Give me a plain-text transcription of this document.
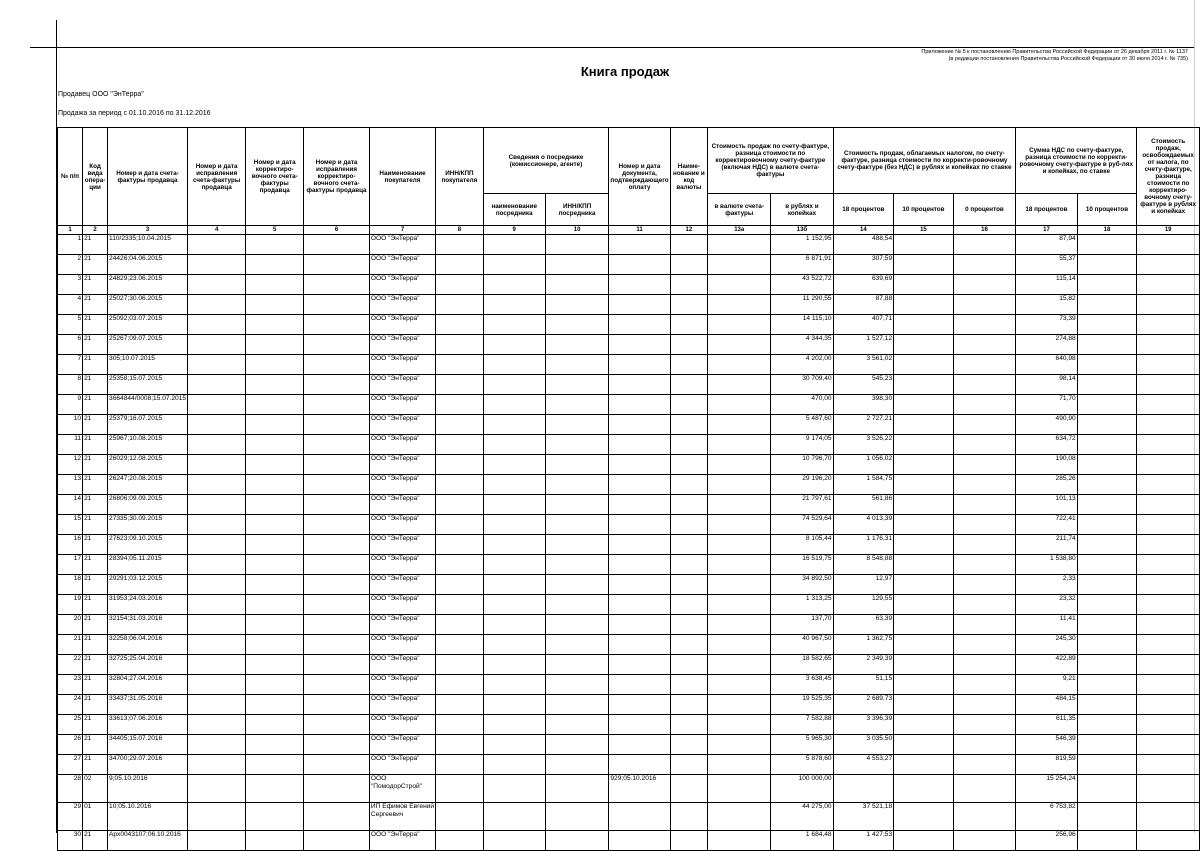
Приложение № 5 к постановлению Правительства Российской Федерации от 26 декабря 2011 г. № 1137
(в редакции постановления Правительства Российской Федерации от 30 июля 2014 г. № 735)
Книга продаж
Продавец ООО "ЭнТерра"
Продажа за период с 01.10.2016 по 31.12.2016
№ п/п	Код вида опера-ции	Номер и дата счета-фактуры продавца	Номер и дата исправления счета-фактуры продавца	Номер и дата корректиро-вочного счета-фактуры продавца	Номер и дата исправления корректиро-вочного счета-фактуры продавца	Наименование покупателя	ИНН/КПП покупателя	Сведения о посреднике (комиссионере, агенте)		Номер и дата документа, подтверждающего оплату	Наиме-нование и код валюты	Стоимость продаж по счету-фактуре, разница стоимости по корректировочному счету-фактуре (включая НДС) в валюте счета-фактуры		Стоимость продаж, облагаемых налогом, по счету-фактуре, разница стоимости по корректи-ровочному счету-фактуре (без НДС) в рублях и копейках по ставке			Сумма НДС по счету-фактуре, разница стоимости по корректи-ровочному счету-фактуре в руб-лях и копейках, по ставке		Стоимость продаж, освобождаемых от налога, по счету-фактуре, разница стоимости по корректиро-вочному счету-фактуре в рублях и копейках
								наименование посредника	ИНН/КПП посредника			в валюте счета-фактуры	в рублях и копейках	18 процентов	10 процентов	0 процентов	18 процентов	10 процентов	
1	2	3	4	5	6	7	8	9	10	11	12	13а	13б	14	15	16	17	18	19
1	21	110/2335;10.04.2015				ООО "ЭнТерра"							1 152,95	488,54			87,94		
2	21	24426;04.06.2015				ООО "ЭнТерра"							6 871,91	307,59			55,37		
3	21	24829;23.06.2015				ООО "ЭнТерра"							43 522,72	639,69			115,14		
4	21	25027;30.06.2015				ООО "ЭнТерра"							11 290,55	87,88			15,82		
5	21	25092;03.07.2015				ООО "ЭнТерра"							14 115,10	407,71			73,39		
6	21	25267;09.07.2015				ООО "ЭнТерра"							4 344,35	1 527,12			274,88		
7	21	305;10.07.2015				ООО "ЭнТерра"							4 202,00	3 561,02			640,98		
8	21	25358;15.07.2015				ООО "ЭнТерра"							30 709,40	545,23			98,14		
9	21	3664844/0008;15.07.2015				ООО "ЭнТерра"							470,00	398,30			71,70		
10	21	25379;16.07.2015				ООО "ЭнТерра"							5 487,60	2 727,21			490,90		
11	21	25967;10.08.2015				ООО "ЭнТерра"							9 174,05	3 526,22			634,72		
12	21	26029;12.08.2015				ООО "ЭнТерра"							10 796,70	1 056,02			190,08		
13	21	26247;20.08.2015				ООО "ЭнТерра"							29 196,20	1 584,75			285,26		
14	21	26806;09.09.2015				ООО "ЭнТерра"							21 797,61	561,86			101,13		
15	21	27335;30.09.2015				ООО "ЭнТерра"							74 529,64	4 013,39			722,41		
16	21	27623;09.10.2015				ООО "ЭнТерра"							8 105,44	1 176,31			211,74		
17	21	28394;05.11.2015				ООО "ЭнТерра"							16 519,75	8 548,88			1 538,80		
18	21	29291;03.12.2015				ООО "ЭнТерра"							34 892,50	12,97			2,33		
19	21	31953;24.03.2016				ООО "ЭнТерра"							1 313,25	129,55			23,32		
20	21	32154;31.03.2016				ООО "ЭнТерра"							137,70	63,39			11,41		
21	21	32258;06.04.2016				ООО "ЭнТерра"							40 967,50	1 362,75			245,30		
22	21	32725;25.04.2016				ООО "ЭнТерра"							18 582,65	2 349,39			422,89		
23	21	32804;27.04.2016				ООО "ЭнТерра"							3 638,45	51,15			9,21		
24	21	33437;31.05.2016				ООО "ЭнТерра"							19 525,35	2 689,73			484,15		
25	21	33613;07.06.2016				ООО "ЭнТерра"							7 582,88	3 396,39			611,35		
26	21	34405;15.07.2016				ООО "ЭнТерра"							5 965,30	3 035,50			546,39		
27	21	34700;29.07.2016				ООО "ЭнТерра"							5 878,60	4 553,27			819,59		
28	02	9;05.10.2016				ООО "ПомодорСтрой"				929;05.10.2016			100 000,00				15 254,24		
29	01	10;05.10.2016				ИП Ефимов Евгений Сергеевич							44 275,00	37 521,18			6 753,82		
30	21	Арх0043107;06.10.2016				ООО "ЭнТерра"							1 684,48	1 427,53			256,96		
